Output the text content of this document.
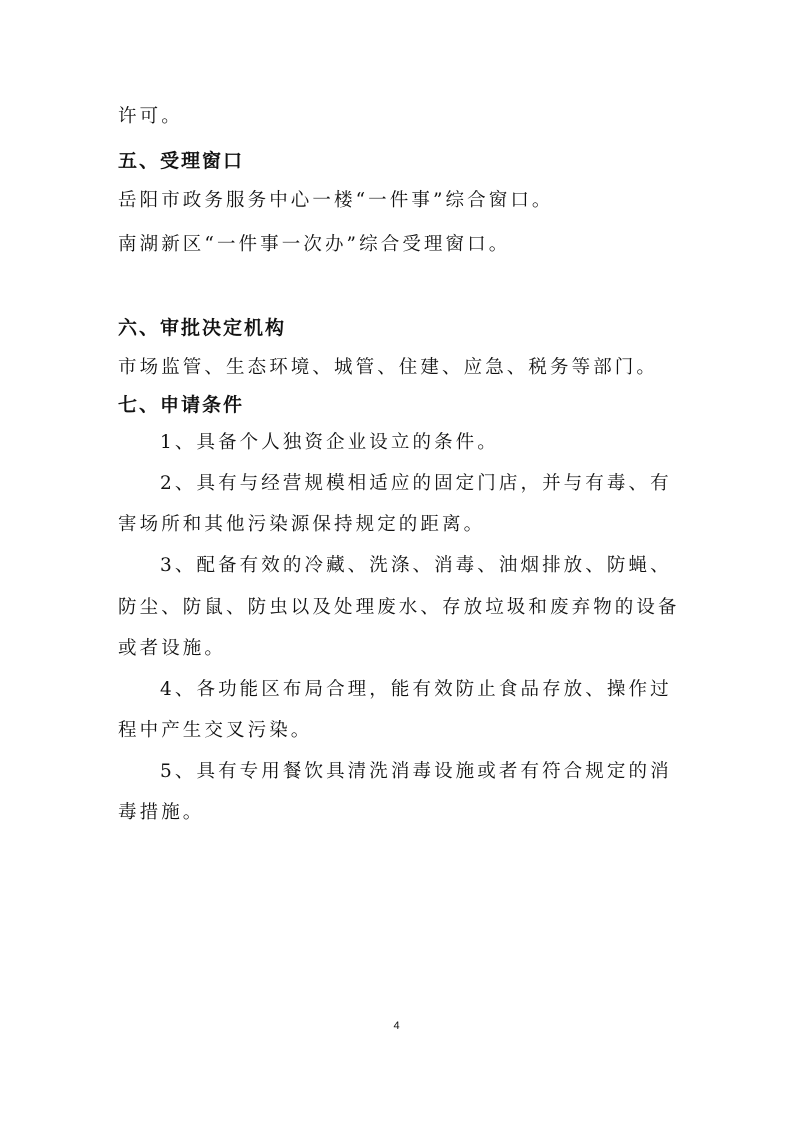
许可。
五、受理窗口
岳阳市政务服务中心一楼“一件事”综合窗口。
南湖新区“一件事一次办”综合受理窗口。
六、审批决定机构
市场监管、生态环境、城管、住建、应急、税务等部门。
七、申请条件
1、具备个人独资企业设立的条件。
2、具有与经营规模相适应的固定门店，并与有毒、有
害场所和其他污染源保持规定的距离。
3、配备有效的冷藏、洗涤、消毒、油烟排放、防蝇、
防尘、防鼠、防虫以及处理废水、存放垃圾和废弃物的设备
或者设施。
4、各功能区布局合理，能有效防止食品存放、操作过
程中产生交叉污染。
5、具有专用餐饮具清洗消毒设施或者有符合规定的消
毒措施。
4
